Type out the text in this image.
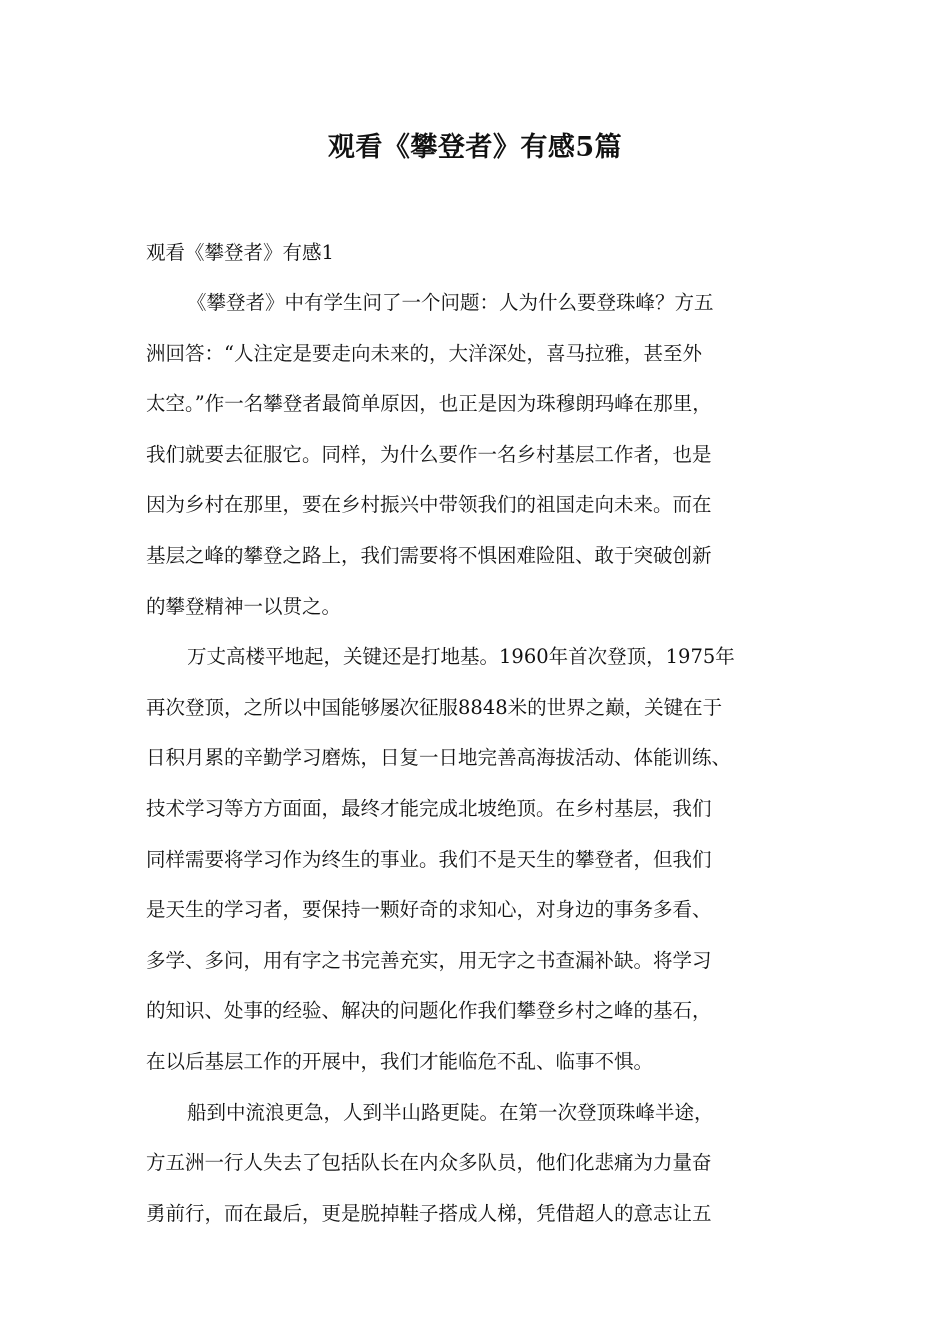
观看《攀登者》有感5篇

观看《攀登者》有感1

《攀登者》中有学生问了一个问题：人为什么要登珠峰？方五
洲回答：“人注定是要走向未来的，大洋深处，喜马拉雅，甚至外
太空。”作一名攀登者最简单原因，也正是因为珠穆朗玛峰在那里，
我们就要去征服它。同样，为什么要作一名乡村基层工作者，也是
因为乡村在那里，要在乡村振兴中带领我们的祖国走向未来。而在
基层之峰的攀登之路上，我们需要将不惧困难险阻、敢于突破创新
的攀登精神一以贯之。
万丈高楼平地起，关键还是打地基。1960年首次登顶，1975年
再次登顶，之所以中国能够屡次征服8848米的世界之巅，关键在于
日积月累的辛勤学习磨炼，日复一日地完善高海拔活动、体能训练、
技术学习等方方面面，最终才能完成北坡绝顶。在乡村基层，我们
同样需要将学习作为终生的事业。我们不是天生的攀登者，但我们
是天生的学习者，要保持一颗好奇的求知心，对身边的事务多看、
多学、多问，用有字之书完善充实，用无字之书查漏补缺。将学习
的知识、处事的经验、解决的问题化作我们攀登乡村之峰的基石，
在以后基层工作的开展中，我们才能临危不乱、临事不惧。
船到中流浪更急，人到半山路更陡。在第一次登顶珠峰半途，
方五洲一行人失去了包括队长在内众多队员，他们化悲痛为力量奋
勇前行，而在最后，更是脱掉鞋子搭成人梯，凭借超人的意志让五
